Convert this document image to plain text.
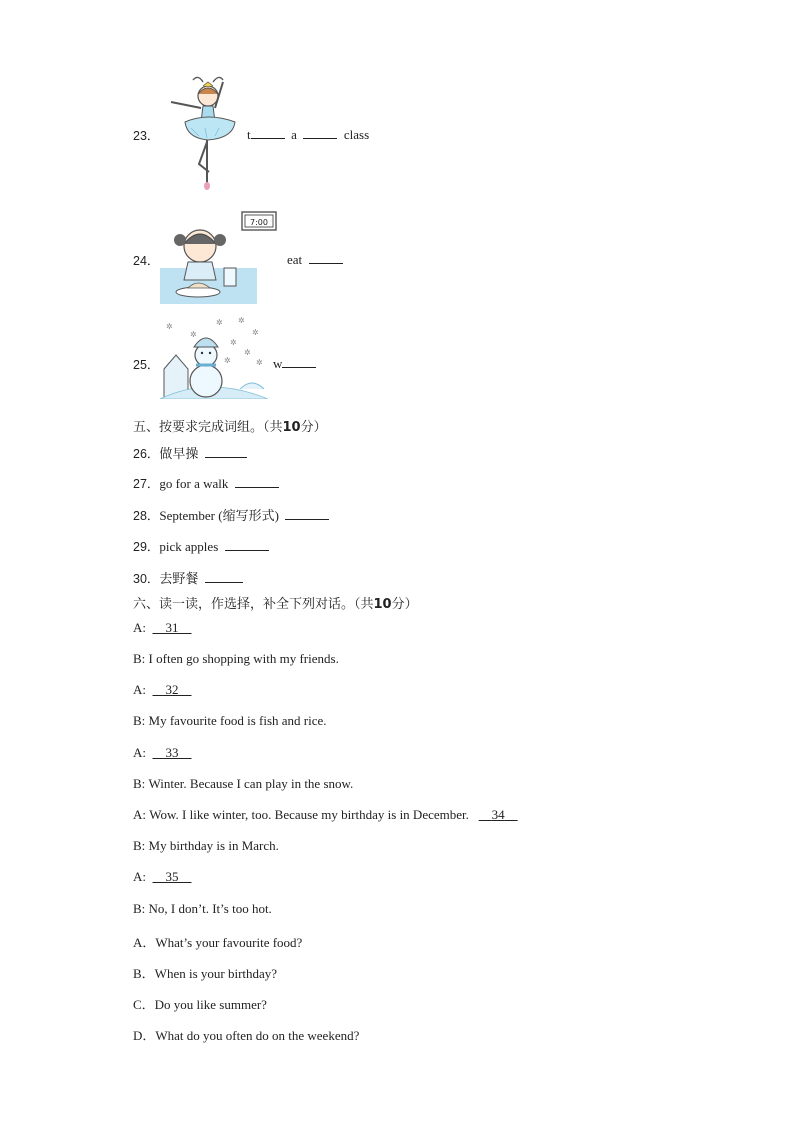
23．	t	a	class
24．
7:00
eat
25．
✲
✲
✲ ✲
✲
✲
✲
✲	✲ w
五、按要求完成词组。（共10分）
26．做早操
27．go for a walk
28．September (缩写形式)
29．pick apples
30．去野餐
六、读一读，作选择，补全下列对话。（共10分）
A: 31
B: I often go shopping with my friends.
A: 32
B: My favourite food is fish and rice.
A: 33
B: Winter. Because I can play in the snow.
A: Wow. I like winter, too. Because my birthday is in December. 34
B: My birthday is in March.
A: 35
B: No, I don’t. It’s too hot.
A．What’s your favourite food?
B．When is your birthday?
C．Do you like summer?
D．What do you often do on the weekend?
